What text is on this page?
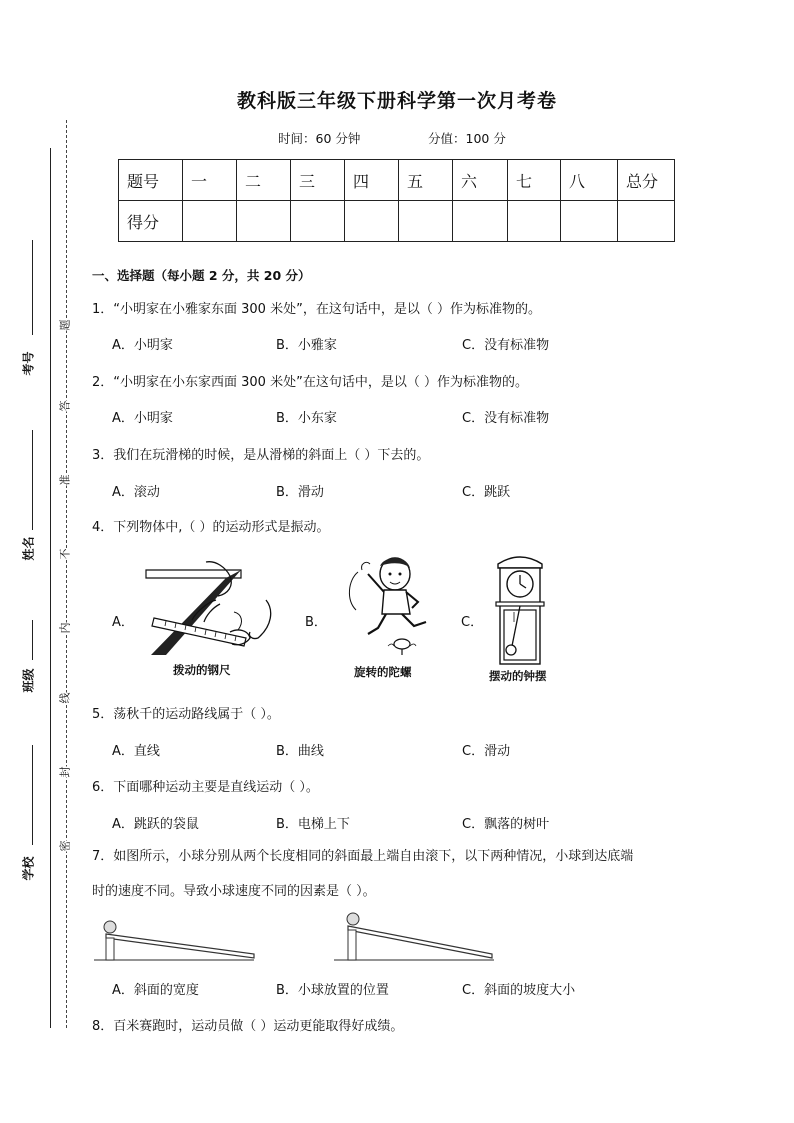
考号
姓名
班级
学校
题
答
准
不
内
线
封
密
教科版三年级下册科学第一次月考卷
时间：60 分钟	分值：100 分
题号	一	二	三	四	五	六	七	八	总分
得分									
一、选择题（每小题 2 分，共 20 分）
1．“小明家在小雅家东面 300 米处”，在这句话中，是以（ ）作为标准物的。
A．小明家	B．小雅家	C．没有标准物
2．“小明家在小东家西面 300 米处”在这句话中，是以（ ）作为标准物的。
A．小明家	B．小东家	C．没有标准物
3．我们在玩滑梯的时候，是从滑梯的斜面上（ ）下去的。
A．滚动	B．滑动	C．跳跃
4．下列物体中,（ ）的运动形式是振动。
A．	B．	C．
拨动的钢尺	旋转的陀螺	摆动的钟摆
5．荡秋千的运动路线属于（ ）。
A．直线	B．曲线	C．滑动
6．下面哪种运动主要是直线运动（ ）。
A．跳跃的袋鼠	B．电梯上下	C．飘落的树叶
7．如图所示，小球分别从两个长度相同的斜面最上端自由滚下，以下两种情况，小球到达底端
时的速度不同。导致小球速度不同的因素是（ ）。
A．斜面的宽度	B．小球放置的位置	C．斜面的坡度大小
8．百米赛跑时，运动员做（ ）运动更能取得好成绩。
